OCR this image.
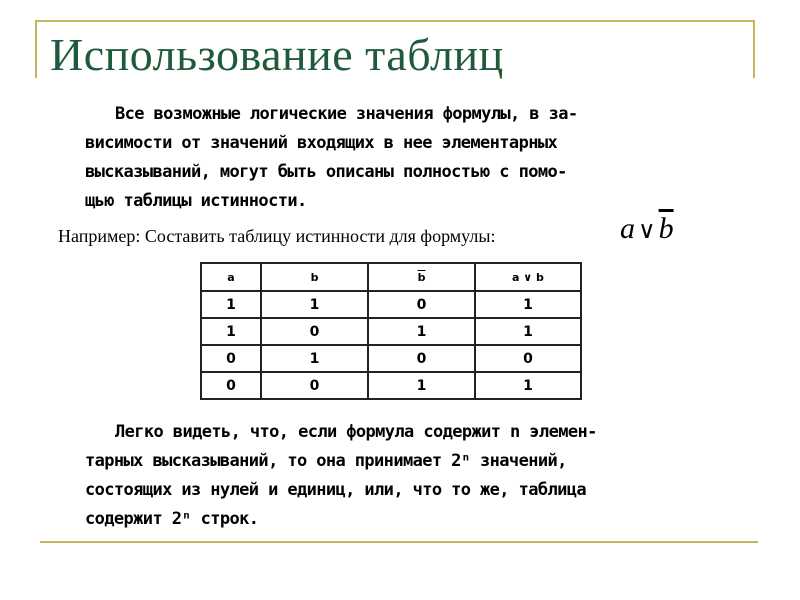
Использование таблиц
Все возможные логические значения формулы, в за-
висимости от значений входящих в нее элементарных
высказываний, могут быть описаны полностью с помо-
щью таблицы истинности.
Например: Составить таблицу истинности для формулы:	a ∨ $\overline{b}$
a	b	$\overline{b}$	a ∨ b
1	1	0	1
1	0	1	1
0	1	0	0
0	0	1	1
Легко видеть, что, если формула содержит n элемен-
тарных высказываний, то она принимает 2ⁿ значений,
состоящих из нулей и единиц, или, что то же, таблица
содержит 2ⁿ строк.
